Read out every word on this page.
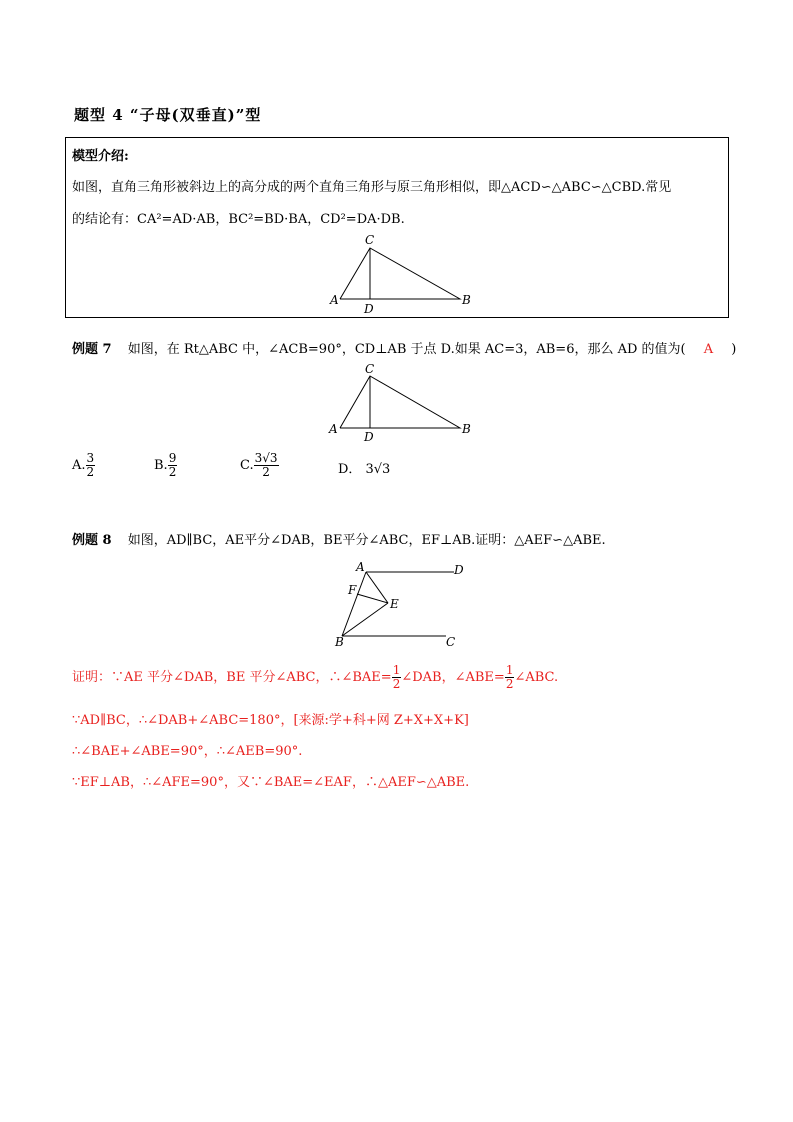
题型 4 “子母(双垂直)”型
模型介绍:
如图，直角三角形被斜边上的高分成的两个直角三角形与原三角形相似，即△ACD∽△ABC∽△CBD.常见
的结论有：CA²=AD·AB，BC²=BD·BA，CD²=DA·DB.
A
C
B
D
例题 7 如图，在 Rt△ABC 中，∠ACB=90°，CD⊥AB 于点 D.如果 AC=3，AB=6，那么 AD 的值为( A )
A
C
B
D
A. $\frac{3}{2}$	B. $\frac{9}{2}$	C. $\frac{3√3}{2}$	D． 3√3
例题 8 如图，AD∥BC，AE平分∠DAB，BE平分∠ABC，EF⊥AB.证明：△AEF∽△ABE.
A	D
F
E
B	C
证明：∵AE 平分∠DAB，BE 平分∠ABC，∴∠BAE= $\frac{1}{2}$ ∠DAB，∠ABE= $\frac{1}{2}$ ∠ABC.
∵AD∥BC，∴∠DAB+∠ABC=180°，[来源:学+科+网 Z+X+X+K]
∴∠BAE+∠ABE=90°，∴∠AEB=90°.
∵EF⊥AB，∴∠AFE=90°，又∵∠BAE=∠EAF，∴△AEF∽△ABE.
